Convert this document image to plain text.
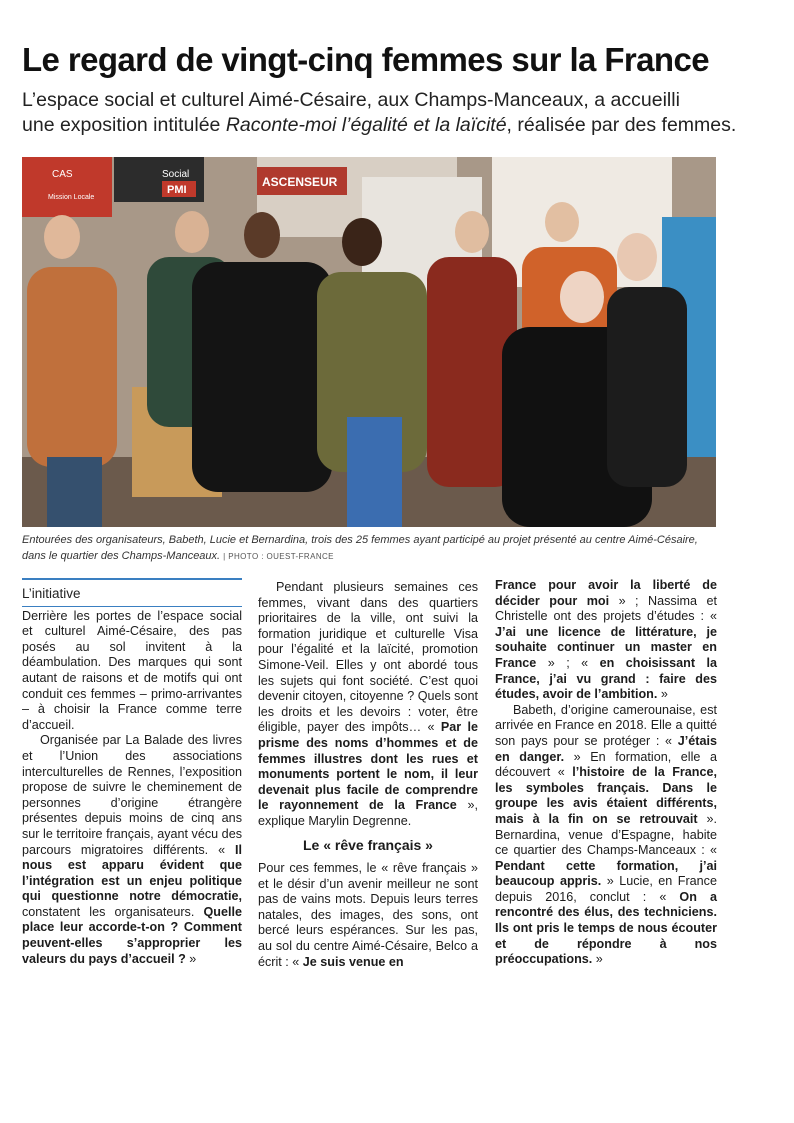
Le regard de vingt-cinq femmes sur la France

L’espace social et culturel Aimé-Césaire, aux Champs-Manceaux, a accueilli
une exposition intitulée Raconte-moi l’égalité et la laïcité, réalisée par des femmes.

CAS
Mission Locale
Social
PMI
ASCENSEUR

Entourées des organisateurs, Babeth, Lucie et Bernardina, trois des 25 femmes ayant participé au projet présenté au centre Aimé-Césaire, dans le quartier des Champs-Manceaux. | PHOTO : OUEST-FRANCE

L’initiative

Derrière les portes de l’espace social et culturel Aimé-Césaire, des pas posés au sol invitent à la déambulation. Des marques qui sont autant de raisons et de motifs qui ont conduit ces femmes – primo-arrivantes – à choisir la France comme terre d’accueil.

Organisée par La Balade des livres et l’Union des associations interculturelles de Rennes, l’exposition propose de suivre le cheminement de personnes d’origine étrangère présentes depuis moins de cinq ans sur le territoire français, ayant vécu des parcours migratoires différents. « Il nous est apparu évident que l’intégration est un enjeu politique qui questionne notre démocratie, constatent les organisateurs. Quelle place leur accorde-t-on ? Comment peuvent-elles s’approprier les valeurs du pays d’accueil ? »

Pendant plusieurs semaines ces femmes, vivant dans des quartiers prioritaires de la ville, ont suivi la formation juridique et culturelle Visa pour l’égalité et la laïcité, promotion Simone-Veil. Elles y ont abordé tous les sujets qui font société. C’est quoi devenir citoyen, citoyenne ? Quels sont les droits et les devoirs : voter, être éligible, payer des impôts… « Par le prisme des noms d’hommes et de femmes illustres dont les rues et monuments portent le nom, il leur devenait plus facile de comprendre le rayonnement de la France », explique Marylin Degrenne.

Le « rêve français »

Pour ces femmes, le « rêve français » et le désir d’un avenir meilleur ne sont pas de vains mots. Depuis leurs terres natales, des images, des sons, ont bercé leurs espérances. Sur les pas, au sol du centre Aimé-Césaire, Belco a écrit : « Je suis venue en

France pour avoir la liberté de décider pour moi » ; Nassima et Christelle ont des projets d’études : « J’ai une licence de littérature, je souhaite continuer un master en France » ; « en choisissant la France, j’ai vu grand : faire des études, avoir de l’ambition. »

Babeth, d’origine camerounaise, est arrivée en France en 2018. Elle a quitté son pays pour se protéger : « J’étais en danger. » En formation, elle a découvert « l’histoire de la France, les symboles français. Dans le groupe les avis étaient différents, mais à la fin on se retrouvait ». Bernardina, venue d’Espagne, habite ce quartier des Champs-Manceaux : « Pendant cette formation, j’ai beaucoup appris. » Lucie, en France depuis 2016, conclut : « On a rencontré des élus, des techniciens. Ils ont pris le temps de nous écouter et de répondre à nos préoccupations. »
